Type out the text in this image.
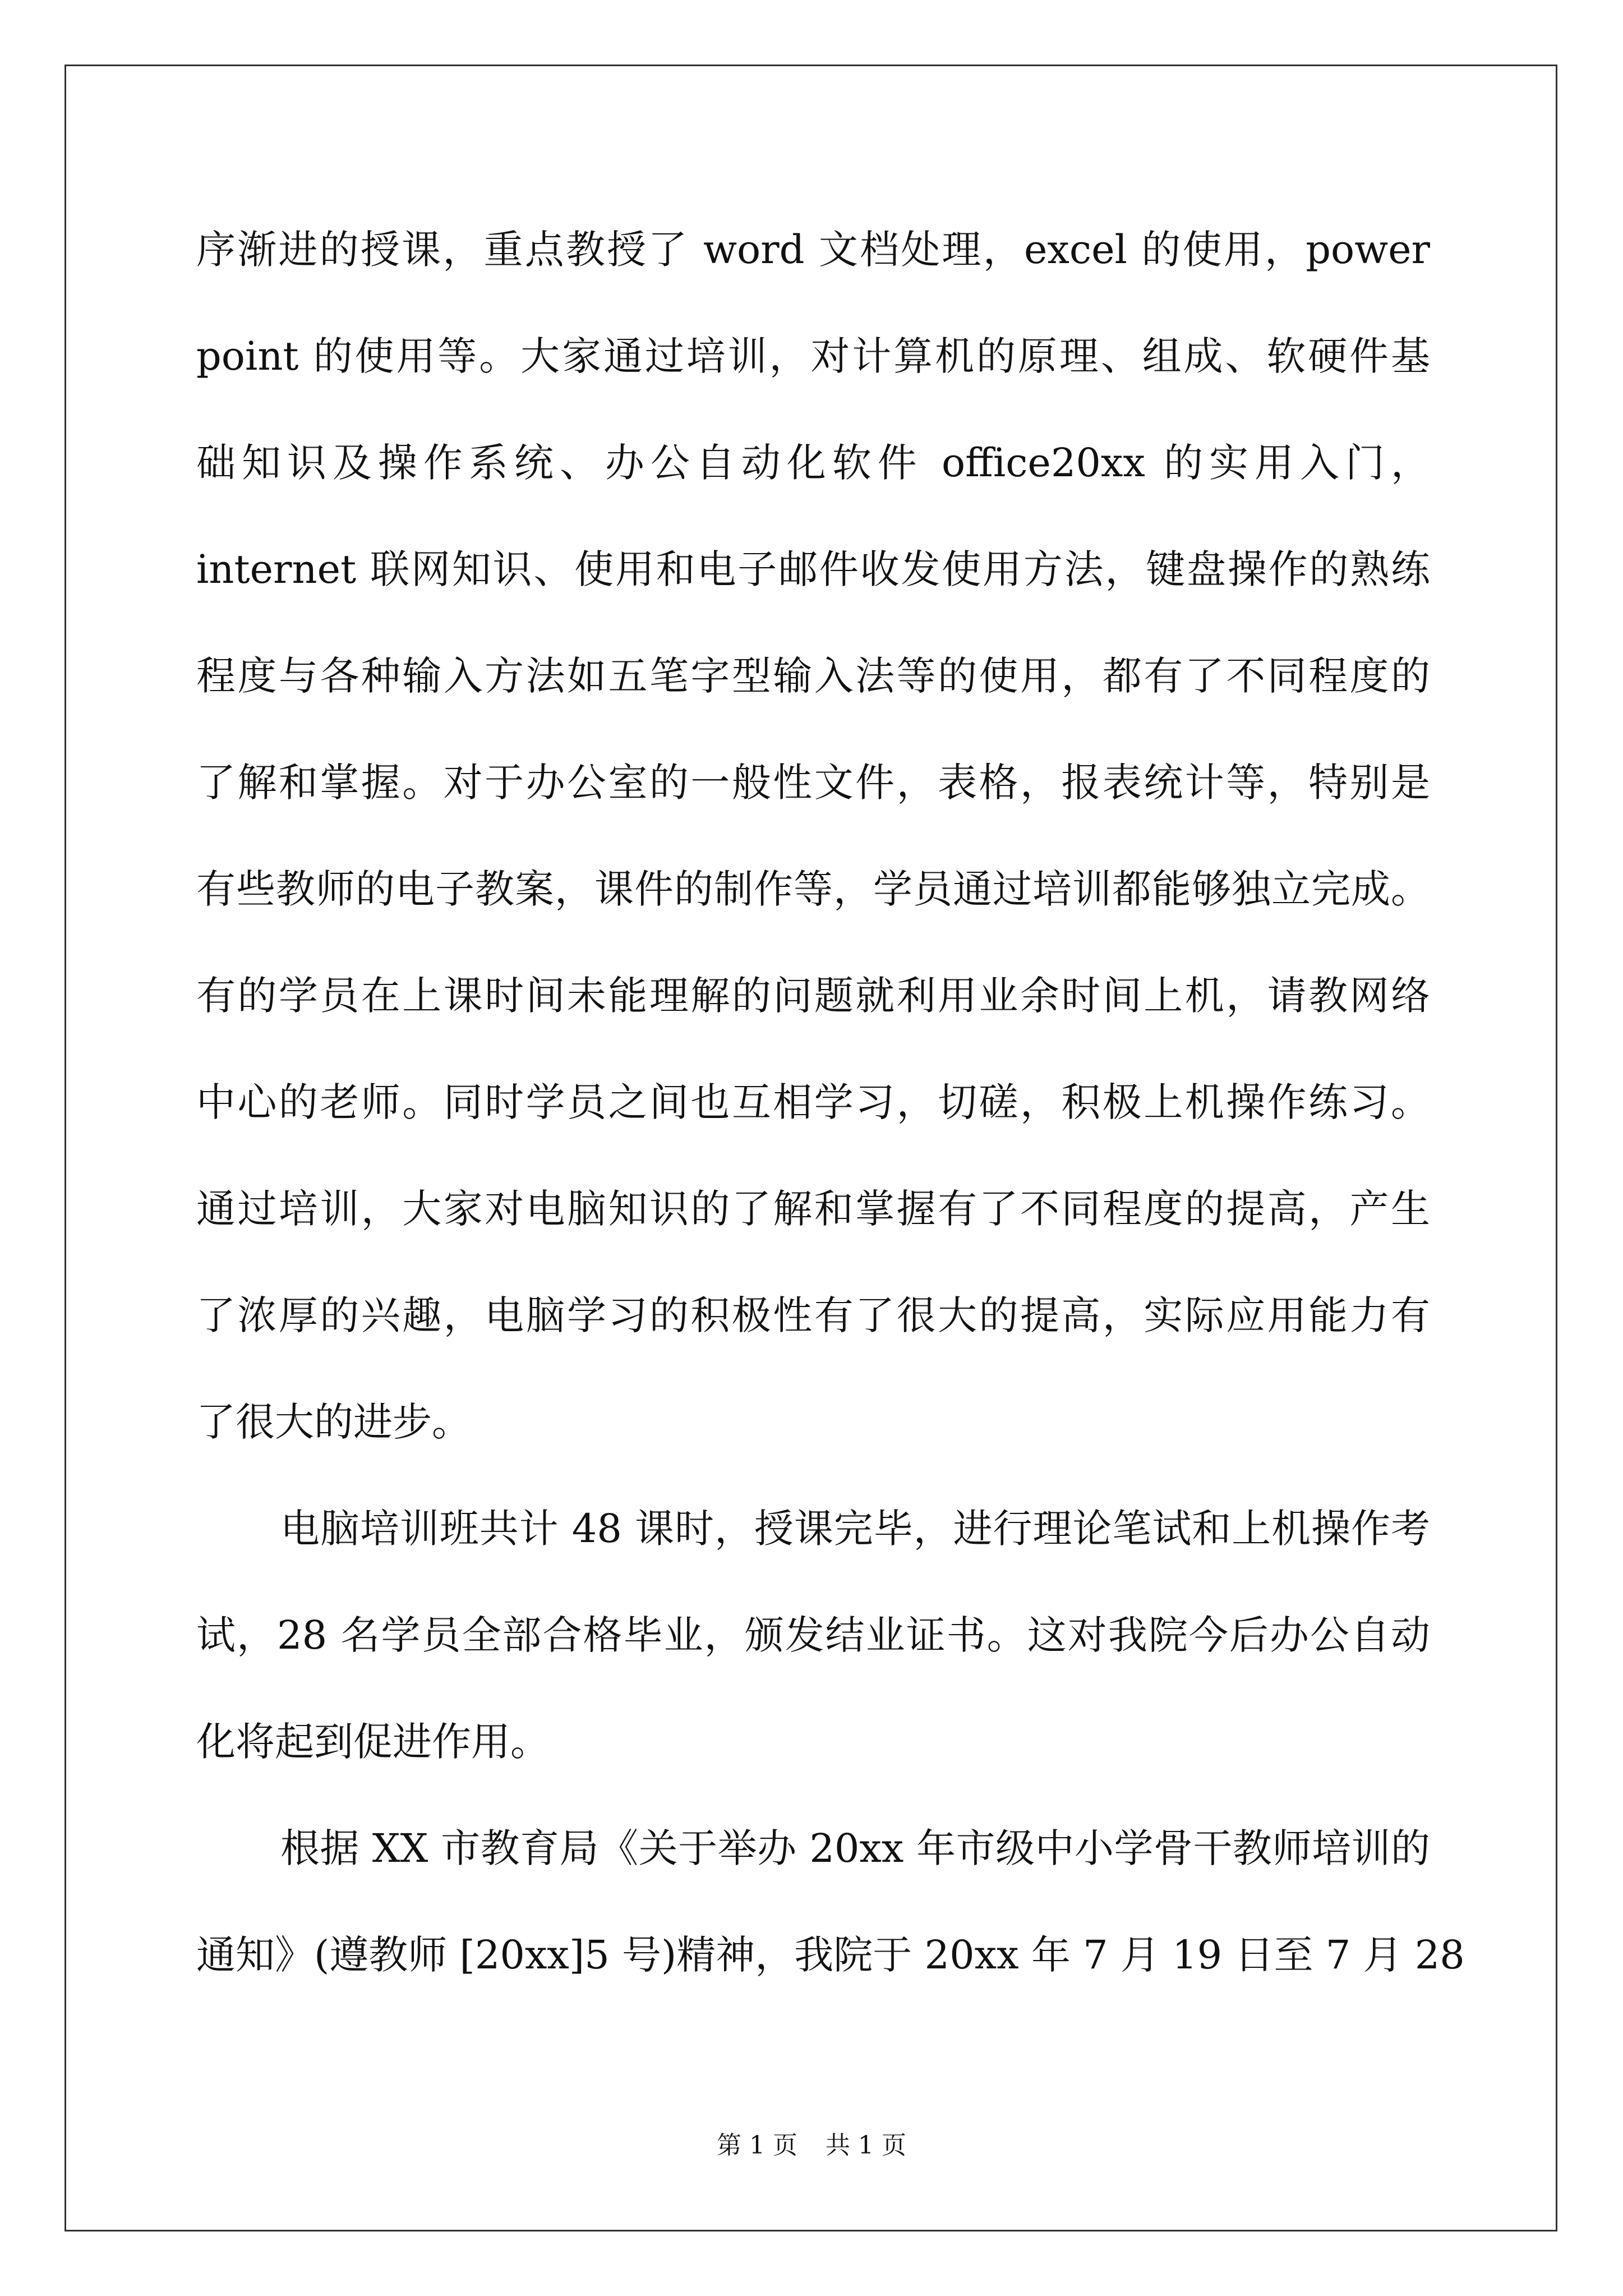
序渐进的授课，重点教授了 word 文档处理，excel 的使用，power
point 的使用等。大家通过培训，对计算机的原理、组成、软硬件基
础知识及操作系统、办公自动化软件 office20xx 的实用入门，
internet 联网知识、使用和电子邮件收发使用方法，键盘操作的熟练
程度与各种输入方法如五笔字型输入法等的使用，都有了不同程度的
了解和掌握。对于办公室的一般性文件，表格，报表统计等，特别是
有些教师的电子教案，课件的制作等，学员通过培训都能够独立完成。
有的学员在上课时间未能理解的问题就利用业余时间上机，请教网络
中心的老师。同时学员之间也互相学习，切磋，积极上机操作练习。
通过培训，大家对电脑知识的了解和掌握有了不同程度的提高，产生
了浓厚的兴趣，电脑学习的积极性有了很大的提高，实际应用能力有
了很大的进步。
电脑培训班共计 48 课时，授课完毕，进行理论笔试和上机操作考
试，28 名学员全部合格毕业，颁发结业证书。这对我院今后办公自动
化将起到促进作用。
根据 XX 市教育局《关于举办 20xx 年市级中小学骨干教师培训的
通知》(遵教师 [20xx]5 号)精神，我院于 20xx 年 7 月 19 日至 7 月 28
第 1 页 共 1 页
